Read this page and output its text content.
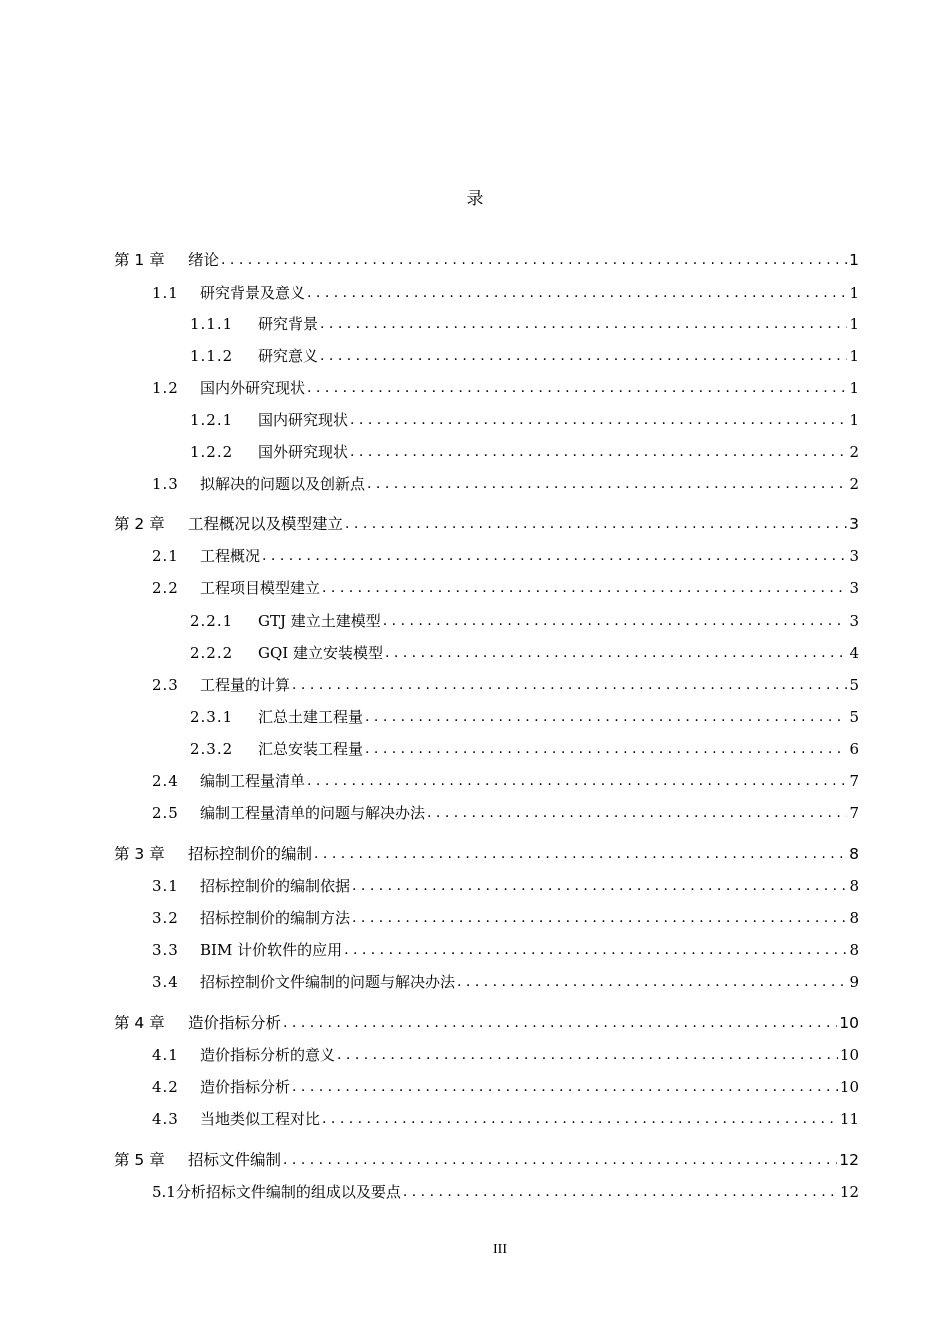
录
第 1 章	绪论 . . .	1
1.1	研究背景及意义 . . .	1
1.1.1	研究背景 . . .	1
1.1.2	研究意义 . . .	1
1.2	国内外研究现状 . . .	1
1.2.1	国内研究现状 . . .	1
1.2.2	国外研究现状 . . .	2
1.3	拟解决的问题以及创新点 . . .	2
第 2 章	工程概况以及模型建立 . . .	3
2.1	工程概况 . . .	3
2.2	工程项目模型建立 . . .	3
2.2.1	GTJ 建立土建模型 . . .	3
2.2.2	GQI 建立安装模型 . . .	4
2.3	工程量的计算 . . .	5
2.3.1	汇总土建工程量 . . .	5
2.3.2	汇总安装工程量 . . .	6
2.4	编制工程量清单 . . .	7
2.5	编制工程量清单的问题与解决办法 . . .	7
第 3 章	招标控制价的编制 . . .	8
3.1	招标控制价的编制依据 . . .	8
3.2	招标控制价的编制方法 . . .	8
3.3	BIM 计价软件的应用 . . .	8
3.4	招标控制价文件编制的问题与解决办法 . . .	9
第 4 章	造价指标分析 . . .	10
4.1	造价指标分析的意义 . . .	10
4.2	造价指标分析 . . .	10
4.3	当地类似工程对比 . . .	11
第 5 章	招标文件编制 . . .	12
5.1 分析招标文件编制的组成以及要点 . . .	12
III
